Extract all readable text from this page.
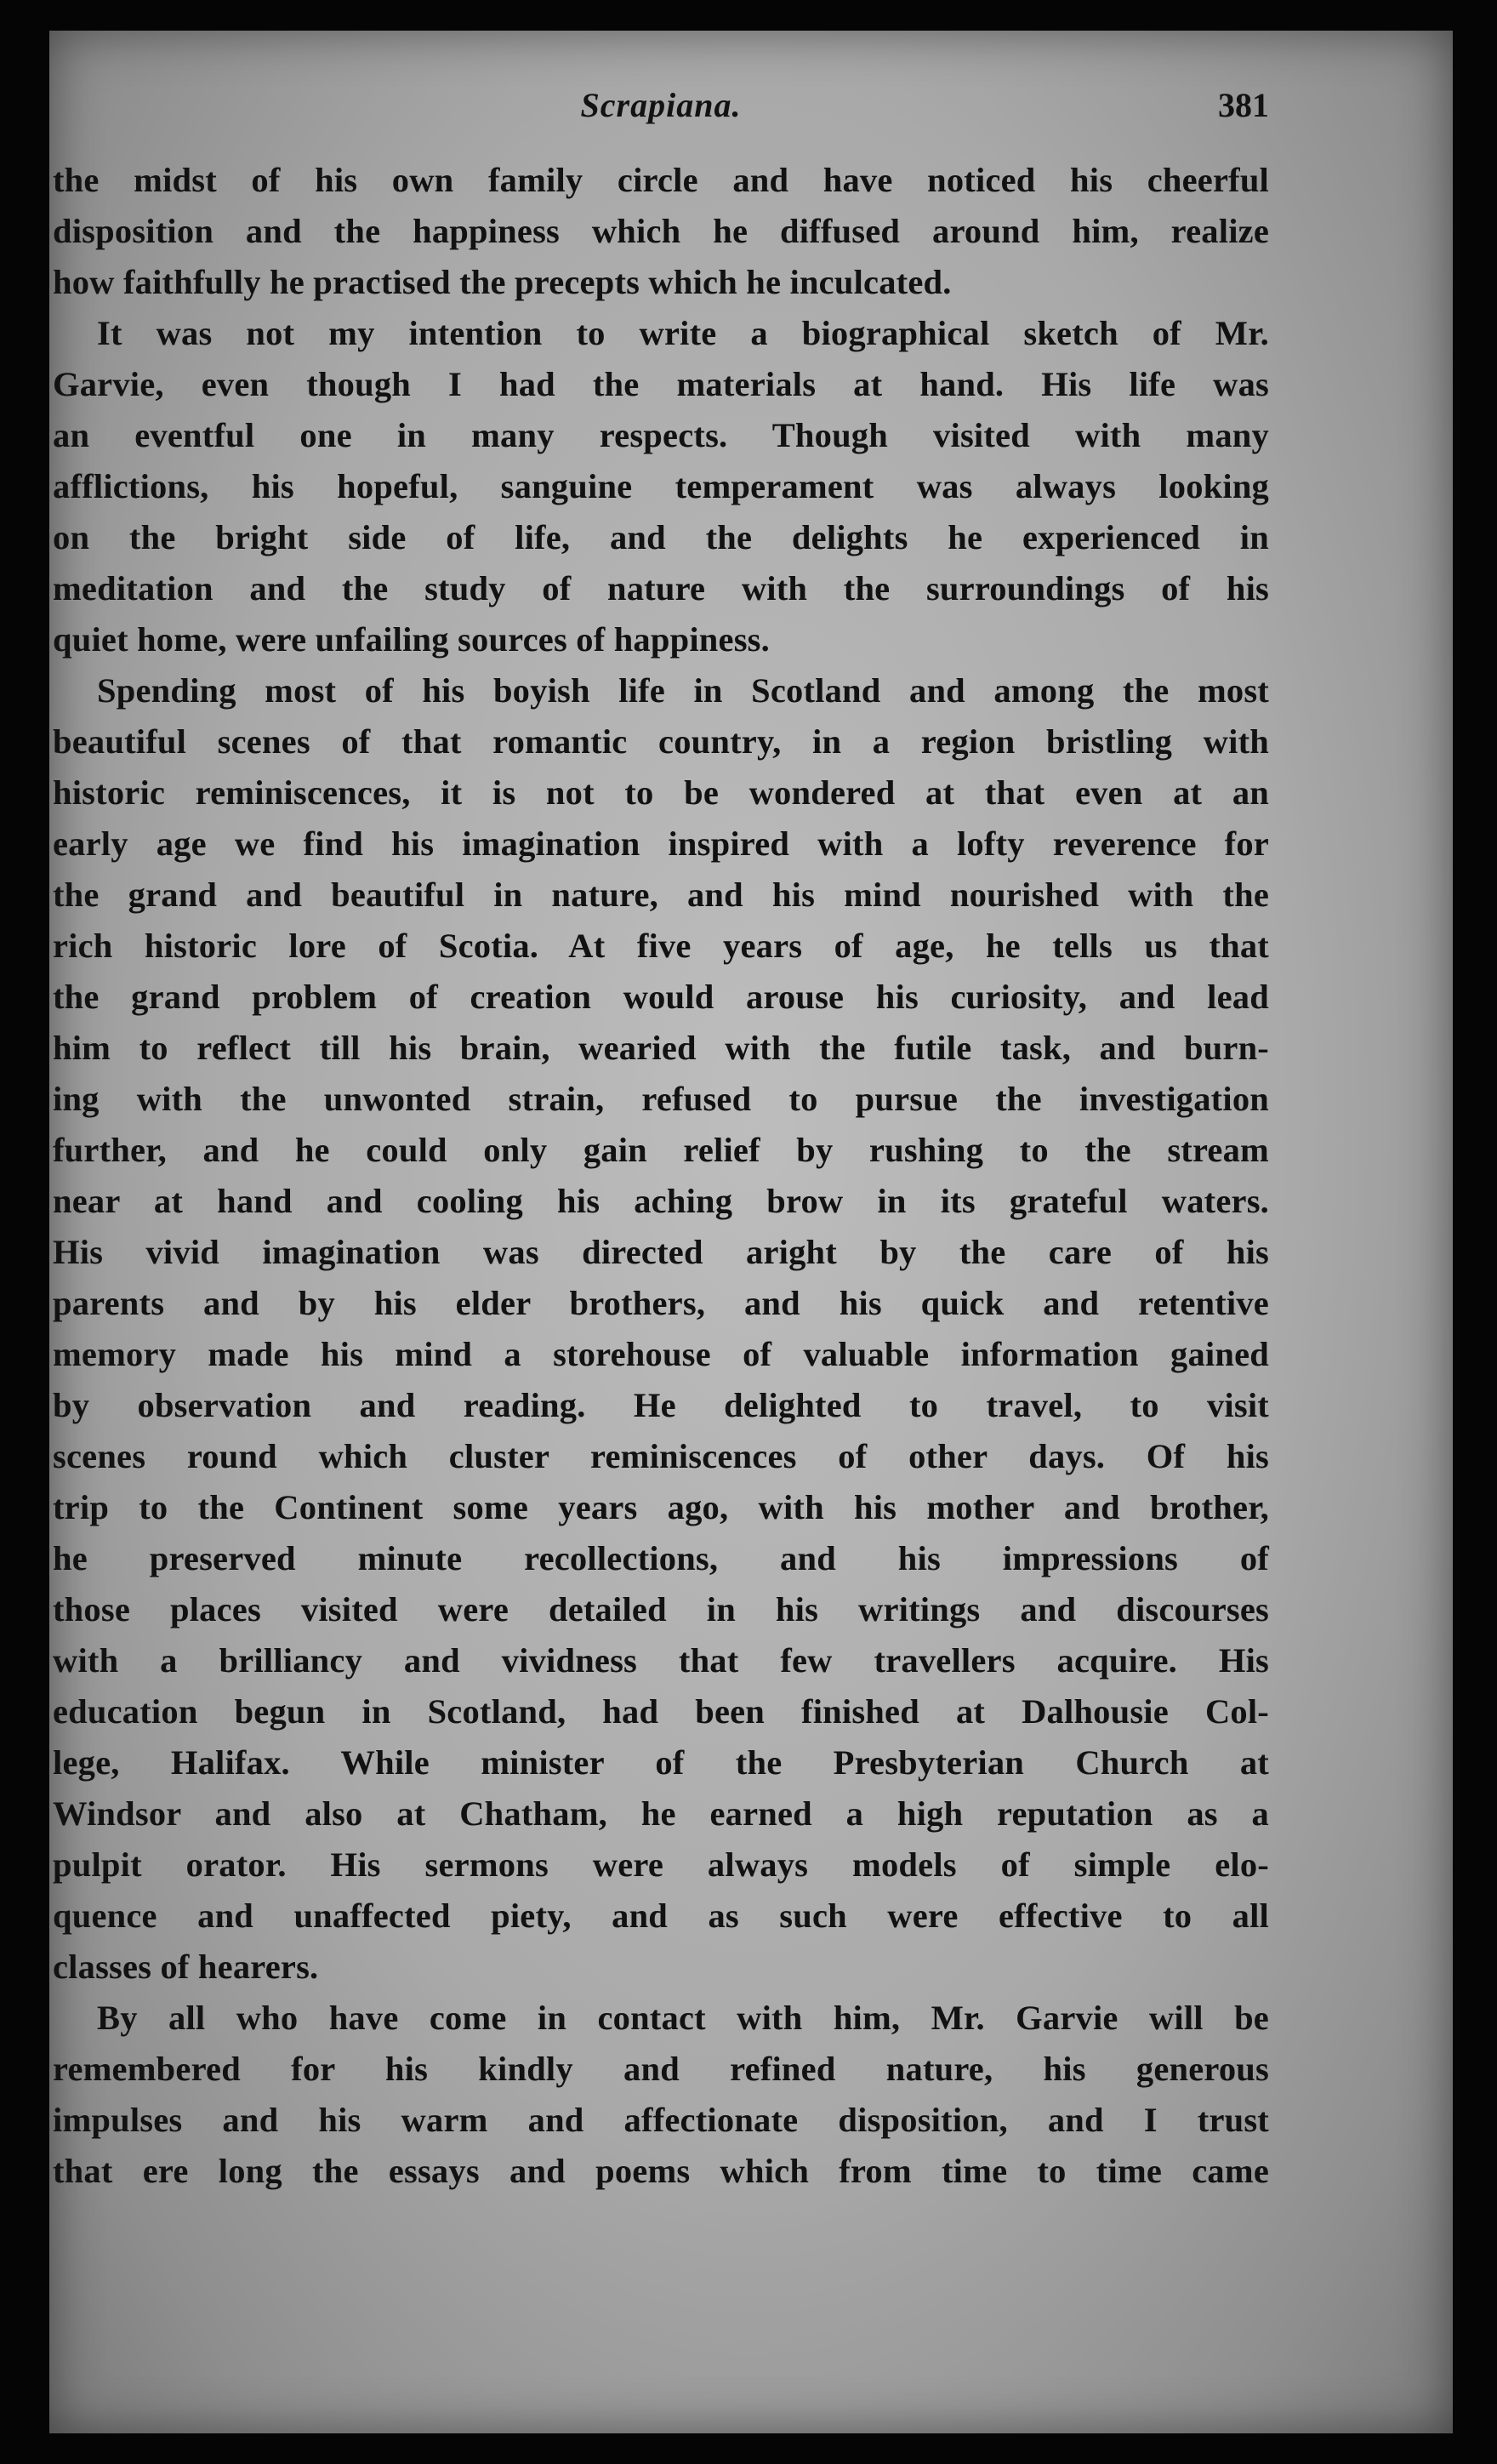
Scrapiana.	381
the midst of his own family circle and have noticed his cheerful
disposition and the happiness which he diffused around him, realize
how faithfully he practised the precepts which he inculcated.
It was not my intention to write a biographical sketch of Mr.
Garvie, even though I had the materials at hand. His life was
an eventful one in many respects. Though visited with many
afflictions, his hopeful, sanguine temperament was always looking
on the bright side of life, and the delights he experienced in
meditation and the study of nature with the surroundings of his
quiet home, were unfailing sources of happiness.
Spending most of his boyish life in Scotland and among the most
beautiful scenes of that romantic country, in a region bristling with
historic reminiscences, it is not to be wondered at that even at an
early age we find his imagination inspired with a lofty reverence for
the grand and beautiful in nature, and his mind nourished with the
rich historic lore of Scotia. At five years of age, he tells us that
the grand problem of creation would arouse his curiosity, and lead
him to reflect till his brain, wearied with the futile task, and burn-
ing with the unwonted strain, refused to pursue the investigation
further, and he could only gain relief by rushing to the stream
near at hand and cooling his aching brow in its grateful waters.
His vivid imagination was directed aright by the care of his
parents and by his elder brothers, and his quick and retentive
memory made his mind a storehouse of valuable information gained
by observation and reading. He delighted to travel, to visit
scenes round which cluster reminiscences of other days. Of his
trip to the Continent some years ago, with his mother and brother,
he preserved minute recollections, and his impressions of
those places visited were detailed in his writings and discourses
with a brilliancy and vividness that few travellers acquire. His
education begun in Scotland, had been finished at Dalhousie Col-
lege, Halifax. While minister of the Presbyterian Church at
Windsor and also at Chatham, he earned a high reputation as a
pulpit orator. His sermons were always models of simple elo-
quence and unaffected piety, and as such were effective to all
classes of hearers.
By all who have come in contact with him, Mr. Garvie will be
remembered for his kindly and refined nature, his generous
impulses and his warm and affectionate disposition, and I trust
that ere long the essays and poems which from time to time came
